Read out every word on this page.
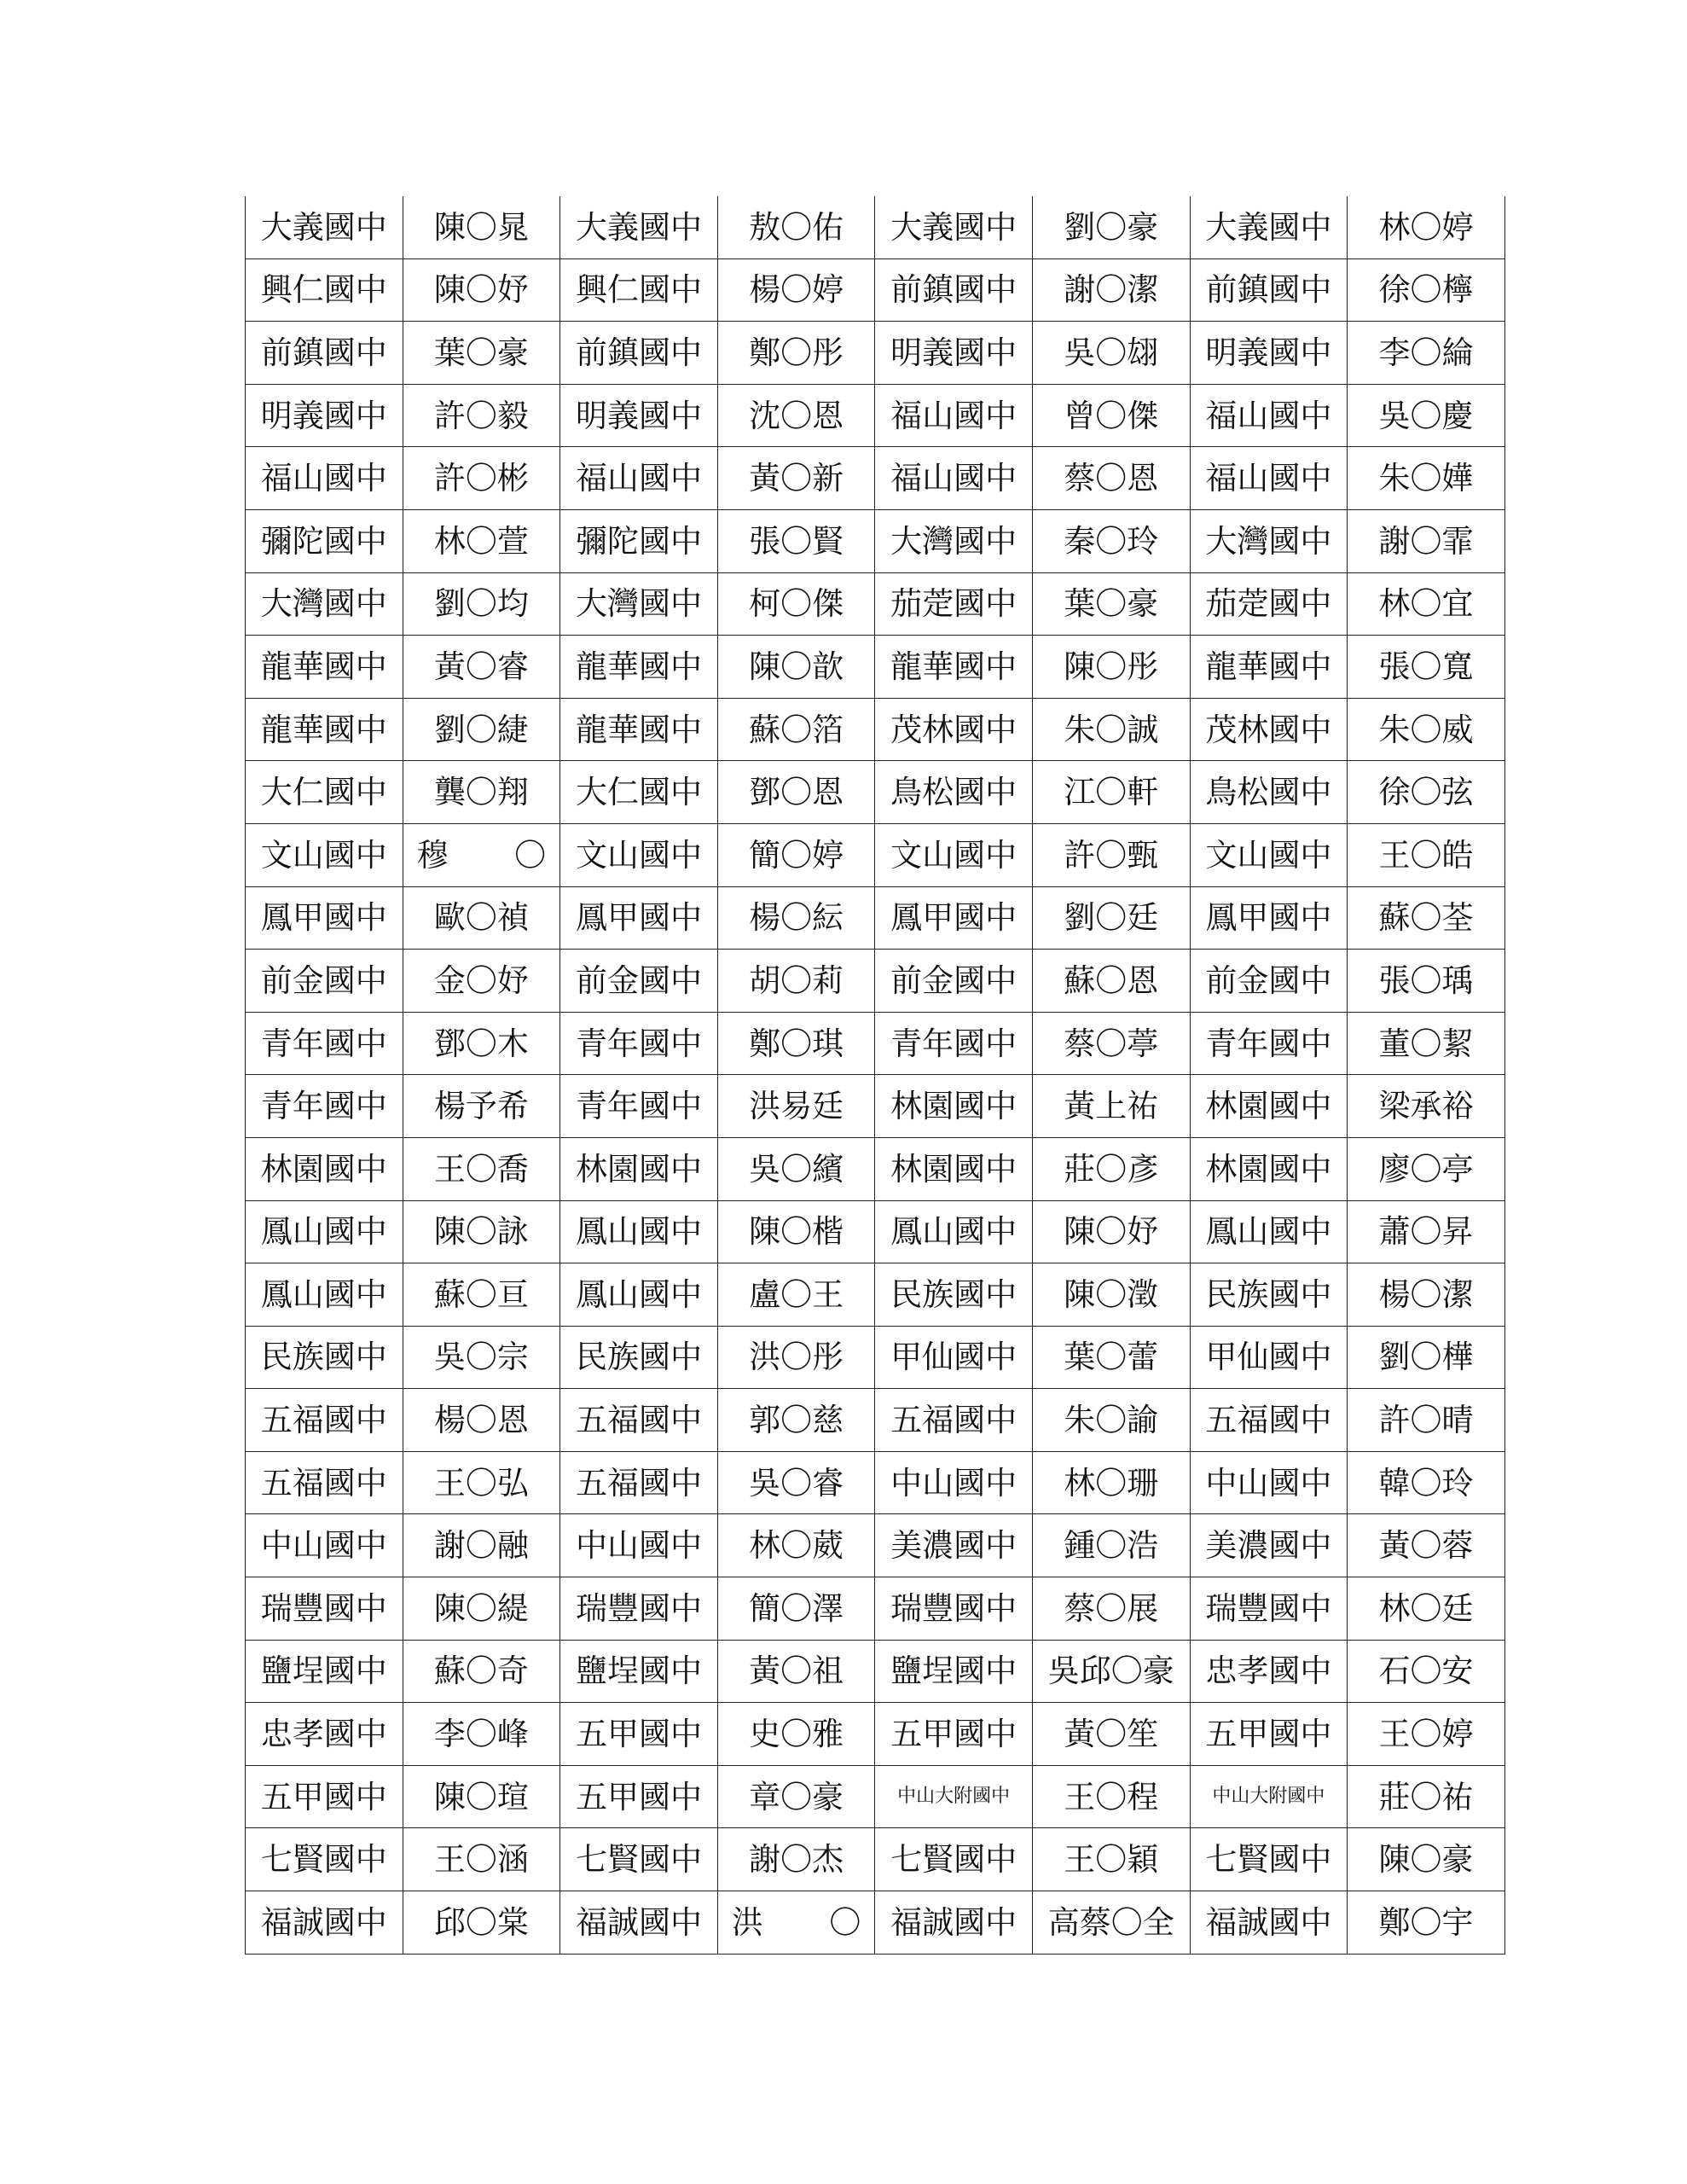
大義國中	陳〇晁	大義國中	敖〇佑	大義國中	劉〇豪	大義國中	林〇婷
興仁國中	陳〇妤	興仁國中	楊〇婷	前鎮國中	謝〇潔	前鎮國中	徐〇檸
前鎮國中	葉〇豪	前鎮國中	鄭〇彤	明義國中	吳〇翃	明義國中	李〇綸
明義國中	許〇毅	明義國中	沈〇恩	福山國中	曾〇傑	福山國中	吳〇慶
福山國中	許〇彬	福山國中	黃〇新	福山國中	蔡〇恩	福山國中	朱〇嬅
彌陀國中	林〇萱	彌陀國中	張〇賢	大灣國中	秦〇玲	大灣國中	謝〇霏
大灣國中	劉〇均	大灣國中	柯〇傑	茄萣國中	葉〇豪	茄萣國中	林〇宜
龍華國中	黃〇睿	龍華國中	陳〇歆	龍華國中	陳〇彤	龍華國中	張〇寬
龍華國中	劉〇緁	龍華國中	蘇〇箔	茂林國中	朱〇誠	茂林國中	朱〇威
大仁國中	龔〇翔	大仁國中	鄧〇恩	鳥松國中	江〇軒	鳥松國中	徐〇弦
文山國中	穆〇	文山國中	簡〇婷	文山國中	許〇甄	文山國中	王〇皓
鳳甲國中	歐〇禎	鳳甲國中	楊〇紜	鳳甲國中	劉〇廷	鳳甲國中	蘇〇荃
前金國中	金〇妤	前金國中	胡〇莉	前金國中	蘇〇恩	前金國中	張〇瑀
青年國中	鄧〇木	青年國中	鄭〇琪	青年國中	蔡〇葶	青年國中	董〇絜
青年國中	楊予希	青年國中	洪易廷	林園國中	黃上祐	林園國中	梁承裕
林園國中	王〇喬	林園國中	吳〇繽	林園國中	莊〇彥	林園國中	廖〇亭
鳳山國中	陳〇詠	鳳山國中	陳〇楷	鳳山國中	陳〇妤	鳳山國中	蕭〇昇
鳳山國中	蘇〇亘	鳳山國中	盧〇王	民族國中	陳〇澂	民族國中	楊〇潔
民族國中	吳〇宗	民族國中	洪〇彤	甲仙國中	葉〇蕾	甲仙國中	劉〇樺
五福國中	楊〇恩	五福國中	郭〇慈	五福國中	朱〇諭	五福國中	許〇晴
五福國中	王〇弘	五福國中	吳〇睿	中山國中	林〇珊	中山國中	韓〇玲
中山國中	謝〇融	中山國中	林〇葳	美濃國中	鍾〇浩	美濃國中	黃〇蓉
瑞豐國中	陳〇緹	瑞豐國中	簡〇澤	瑞豐國中	蔡〇展	瑞豐國中	林〇廷
鹽埕國中	蘇〇奇	鹽埕國中	黃〇祖	鹽埕國中	吳邱〇豪	忠孝國中	石〇安
忠孝國中	李〇峰	五甲國中	史〇雅	五甲國中	黃〇笙	五甲國中	王〇婷
五甲國中	陳〇瑄	五甲國中	章〇豪	中山大附國中	王〇程	中山大附國中	莊〇祐
七賢國中	王〇涵	七賢國中	謝〇杰	七賢國中	王〇穎	七賢國中	陳〇豪
福誠國中	邱〇棠	福誠國中	洪〇	福誠國中	高蔡〇全	福誠國中	鄭〇宇
